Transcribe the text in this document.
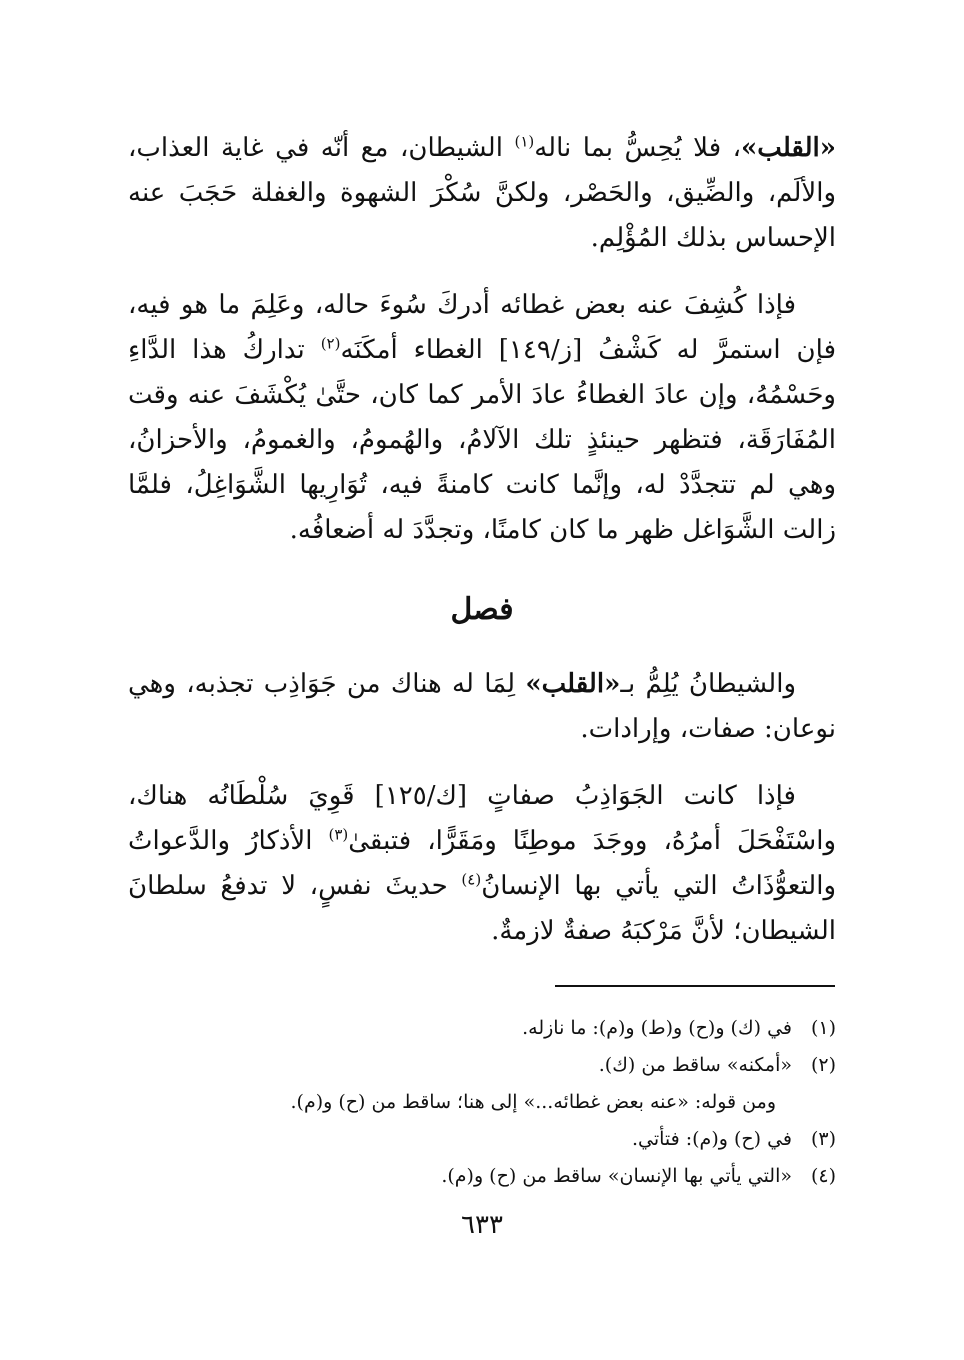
«القلب»، فلا يُحِسُّ بما ناله$^{(١)}$ الشيطان، مع أنّه في غاية العذاب، والألَم، والضِّيق، والحَصْر، ولكنَّ سُكْرَ الشهوة والغفلة حَجَبَ عنه الإحساس بذلك المُؤْلِم.

فإذا كُشِفَ عنه بعض غطائه أدركَ سُوءَ حاله، وعَلِمَ ما هو فيه، فإن استمرَّ له كَشْفُ [ز/١٤٩] الغطاء أمكَنَه$^{(٢)}$ تداركُ هذا الدَّاءِ وحَسْمُهُ، وإن عادَ الغطاءُ عادَ الأمر كما كان، حتَّىٰ يُكْشَفَ عنه وقت المُفَارَقَة، فتظهر حينئذٍ تلك الآلامُ، والهُمومُ، والغمومُ، والأحزانُ، وهي لم تتجدَّدْ له، وإنَّما كانت كامنةً فيه، تُوَارِيها الشَّوَاغِلُ، فلمَّا زالت الشَّوَاغل ظهر ما كان كامنًا، وتجدَّدَ له أضعافُه.

فصل

والشيطانُ يُلِمُّ بـ«القلب» لِمَا له هناك من جَوَاذِب تجذبه، وهي نوعان: صفات، وإرادات.

فإذا كانت الجَوَاذِبُ صفاتٍ [ك/١٢٥] قَوِيَ سُلْطَانُه هناك، واسْتَفْحَلَ أمرُهُ، ووجَدَ موطِنًا ومَقَرًّا، فتبقىٰ$^{(٣)}$ الأذكارُ والدَّعواتُ والتعوُّذَاتُ التي يأتي بها الإنسانُ$^{(٤)}$ حديثَ نفسٍ، لا تدفعُ سلطانَ الشيطان؛ لأنَّ مَرْكبَهُ صفةٌ لازمةٌ.

(١)في (ك) و(ح) و(ط) و(م): ما نازله.

(٢)«أمكنه» ساقط من (ك).

ومن قوله: «عنه بعض غطائه...» إلى هنا؛ ساقط من (ح) و(م).

(٣)في (ح) و(م): فتأتي.

(٤)«التي يأتي بها الإنسان» ساقط من (ح) و(م).

٦٣٣
